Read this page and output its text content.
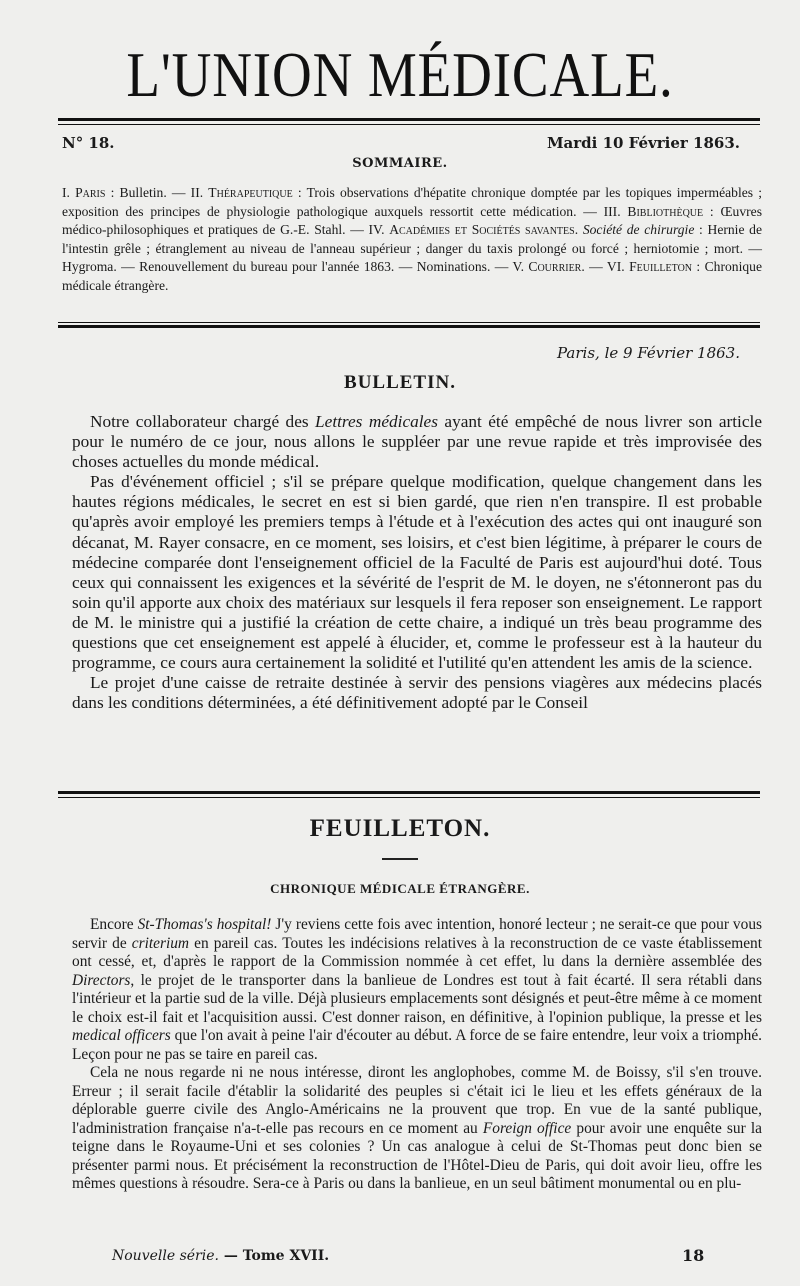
L'UNION MÉDICALE.
N° 18.	Mardi 10 Février 1863.
SOMMAIRE.
I. Paris : Bulletin. — II. Thérapeutique : Trois observations d'hépatite chronique domptée par les topiques imperméables ; exposition des principes de physiologie pathologique auxquels ressortit cette médication. — III. Bibliothèque : Œuvres médico-philosophiques et pratiques de G.-E. Stahl. — IV. Académies et Sociétés savantes. Société de chirurgie : Hernie de l'intestin grêle ; étranglement au niveau de l'anneau supérieur ; danger du taxis prolongé ou forcé ; herniotomie ; mort. — Hygroma. — Renouvellement du bureau pour l'année 1863. — Nominations. — V. Courrier. — VI. Feuilleton : Chronique médicale étrangère.
Paris, le 9 Février 1863.
BULLETIN.

Notre collaborateur chargé des Lettres médicales ayant été empêché de nous livrer son article pour le numéro de ce jour, nous allons le suppléer par une revue rapide et très improvisée des choses actuelles du monde médical.

Pas d'événement officiel ; s'il se prépare quelque modification, quelque changement dans les hautes régions médicales, le secret en est si bien gardé, que rien n'en transpire. Il est probable qu'après avoir employé les premiers temps à l'étude et à l'exécution des actes qui ont inauguré son décanat, M. Rayer consacre, en ce moment, ses loisirs, et c'est bien légitime, à préparer le cours de médecine comparée dont l'enseignement officiel de la Faculté de Paris est aujourd'hui doté. Tous ceux qui connaissent les exigences et la sévérité de l'esprit de M. le doyen, ne s'étonneront pas du soin qu'il apporte aux choix des matériaux sur lesquels il fera reposer son enseignement. Le rapport de M. le ministre qui a justifié la création de cette chaire, a indiqué un très beau programme des questions que cet enseignement est appelé à élucider, et, comme le professeur est à la hauteur du programme, ce cours aura certainement la solidité et l'utilité qu'en attendent les amis de la science.

Le projet d'une caisse de retraite destinée à servir des pensions viagères aux médecins placés dans les conditions déterminées, a été définitivement adopté par le Conseil

FEUILLETON.
CHRONIQUE MÉDICALE ÉTRANGÈRE.

Encore St-Thomas's hospital! J'y reviens cette fois avec intention, honoré lecteur ; ne serait-ce que pour vous servir de criterium en pareil cas. Toutes les indécisions relatives à la reconstruction de ce vaste établissement ont cessé, et, d'après le rapport de la Commission nommée à cet effet, lu dans la dernière assemblée des Directors, le projet de le transporter dans la banlieue de Londres est tout à fait écarté. Il sera rétabli dans l'intérieur et la partie sud de la ville. Déjà plusieurs emplacements sont désignés et peut-être même à ce moment le choix est-il fait et l'acquisition aussi. C'est donner raison, en définitive, à l'opinion publique, la presse et les medical officers que l'on avait à peine l'air d'écouter au début. A force de se faire entendre, leur voix a triomphé. Leçon pour ne pas se taire en pareil cas.

Cela ne nous regarde ni ne nous intéresse, diront les anglophobes, comme M. de Boissy, s'il s'en trouve. Erreur ; il serait facile d'établir la solidarité des peuples si c'était ici le lieu et les effets généraux de la déplorable guerre civile des Anglo-Américains ne la prouvent que trop. En vue de la santé publique, l'administration française n'a-t-elle pas recours en ce moment au Foreign office pour avoir une enquête sur la teigne dans le Royaume-Uni et ses colonies ? Un cas analogue à celui de St-Thomas peut donc bien se présenter parmi nous. Et précisément la reconstruction de l'Hôtel-Dieu de Paris, qui doit avoir lieu, offre les mêmes questions à résoudre. Sera-ce à Paris ou dans la banlieue, en un seul bâtiment monumental ou en plu-

Nouvelle série. — Tome XVII.	18
